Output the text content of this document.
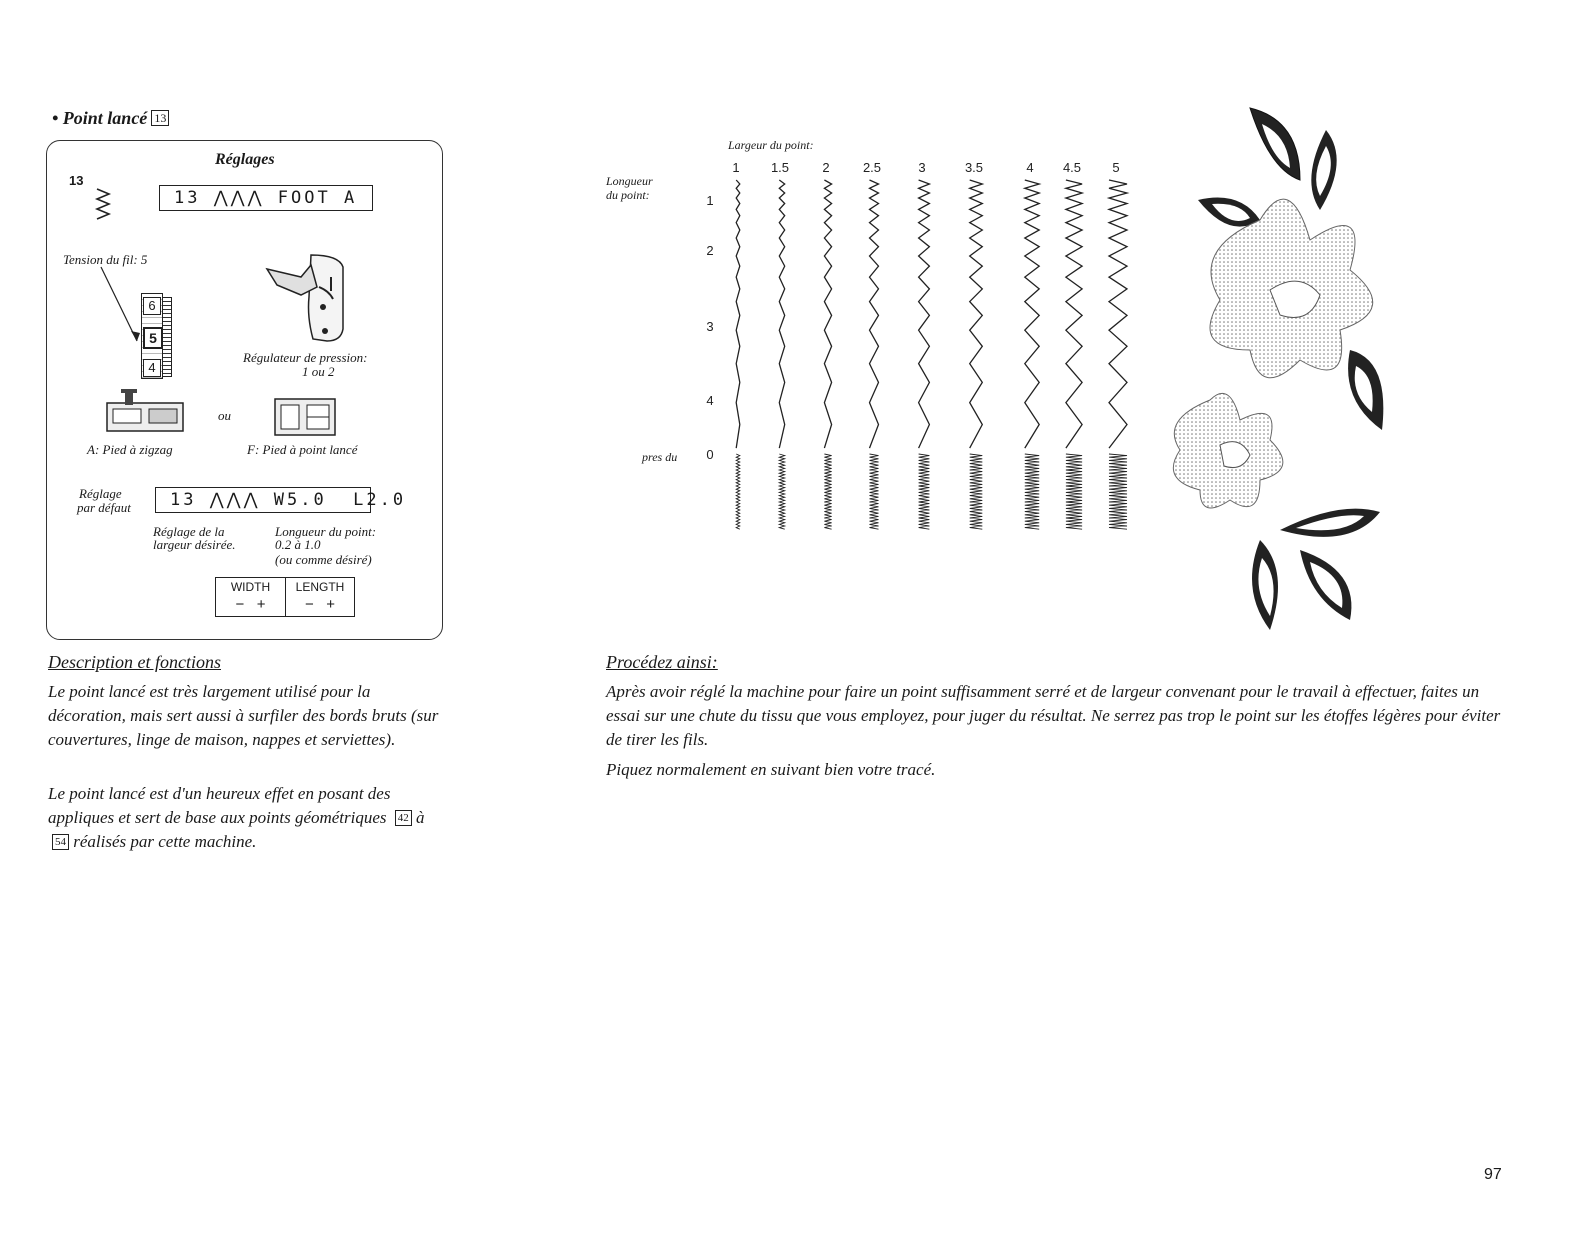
• Point lancé 13
Réglages
13
13 ⋀⋀⋀ FOOT A
Tension du fil: 5
6
5
4
Régulateur de pression:
1 ou 2
ou
A: Pied à zigzag	F: Pied à point lancé
Réglage
par défaut	13 ⋀⋀⋀ W5.0  L2.0
Réglage de la
largeur désirée.
Longueur du point:
0.2 à 1.0
(ou comme désiré)
WIDTH
−   +
LENGTH
−   +
Description et fonctions
Le point lancé est très largement utilisé pour la décoration, mais sert aussi à surfiler des bords bruts (sur couvertures, linge de maison, nappes et serviettes).
Le point lancé est d'un heureux effet en posant des appliques et sert de base aux points géométriques 42 à 54 réalisés par cette machine.
Largeur du point:
Longueur
du point:
pres du
1 1.5	2	2.5	3	3.5	4 4.5 5
1
2
3
4
0
Procédez ainsi:
Après avoir réglé la machine pour faire un point suffisamment serré et de largeur convenant pour le travail à effectuer, faites un essai sur une chute du tissu que vous employez, pour juger du résultat. Ne serrez pas trop le point sur les étoffes légères pour éviter de tirer les fils.
Piquez normalement en suivant bien votre tracé.
97
